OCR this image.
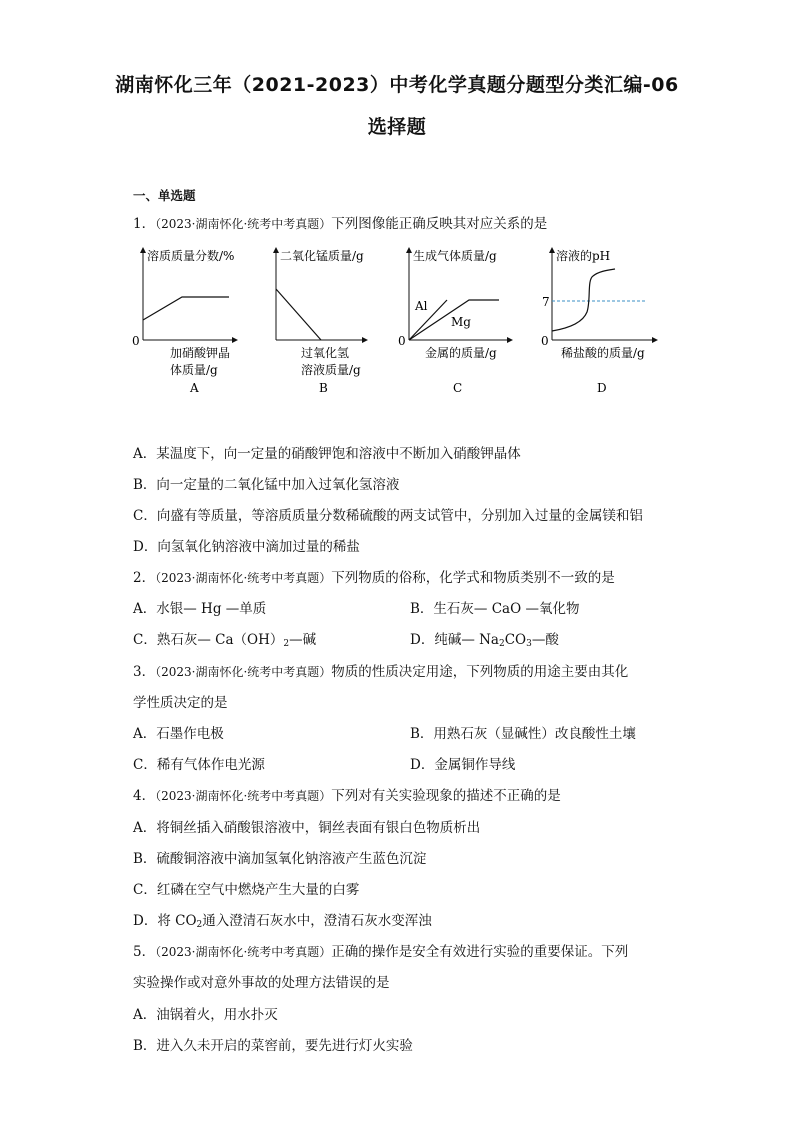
湖南怀化三年（2021-2023）中考化学真题分题型分类汇编-06
选择题
一、单选题
1．（2023·湖南怀化·统考中考真题）下列图像能正确反映其对应关系的是
溶质质量分数/%
0
加硝酸钾晶
体质量/g
A
二氧化锰质量/g
过氧化氢
溶液质量/g
B
生成气体质量/g
0
Al
Mg
金属的质量/g
C
溶液的pH
0
7
稀盐酸的质量/g
D
A．某温度下，向一定量的硝酸钾饱和溶液中不断加入硝酸钾晶体
B．向一定量的二氧化锰中加入过氧化氢溶液
C．向盛有等质量，等溶质质量分数稀硫酸的两支试管中，分别加入过量的金属镁和铝
D．向氢氧化钠溶液中滴加过量的稀盐
2．（2023·湖南怀化·统考中考真题）下列物质的俗称，化学式和物质类别不一致的是
A．水银— Hg —单质	B．生石灰— CaO —氧化物
C．熟石灰— $Ca(OH)_2—$碱	D．纯碱— $Na_2CO_3—$酸
3．（2023·湖南怀化·统考中考真题）物质的性质决定用途，下列物质的用途主要由其化
学性质决定的是
A．石墨作电极	B．用熟石灰（显碱性）改良酸性土壤
C．稀有气体作电光源	D．金属铜作导线
4．（2023·湖南怀化·统考中考真题）下列对有关实验现象的描述不正确的是
A．将铜丝插入硝酸银溶液中，铜丝表面有银白色物质析出
B．硫酸铜溶液中滴加氢氧化钠溶液产生蓝色沉淀
C．红磷在空气中燃烧产生大量的白雾
D．将 $CO_2$通入澄清石灰水中，澄清石灰水变浑浊
5．（2023·湖南怀化·统考中考真题）正确的操作是安全有效进行实验的重要保证。下列
实验操作或对意外事故的处理方法错误的是
A．油锅着火，用水扑灭
B．进入久未开启的菜窖前，要先进行灯火实验
